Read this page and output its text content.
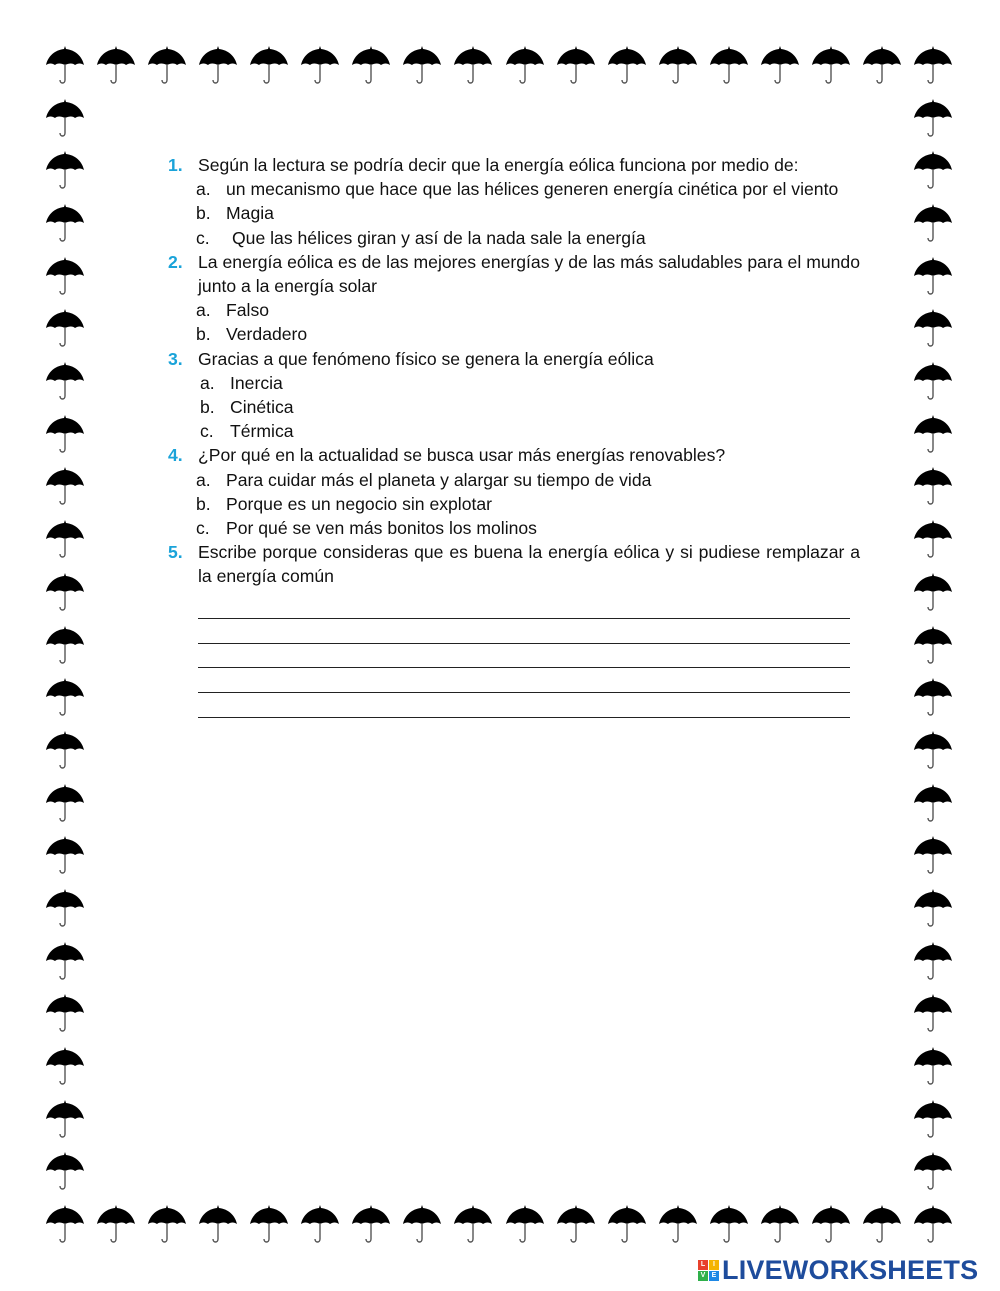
1. Según la lectura se podría decir que la energía eólica funciona por medio de:
a. un mecanismo que hace que las hélices generen energía cinética por el viento
b. Magia
c. Que las hélices giran y así de la nada sale la energía
2. La energía eólica es de las mejores energías y de las más saludables para el mundo junto a la energía solar
a. Falso
b. Verdadero
3. Gracias a que fenómeno físico se genera la energía eólica
a. Inercia
b. Cinética
c. Térmica
4. ¿Por qué en la actualidad se busca usar más energías renovables?
a. Para cuidar más el planeta y alargar su tiempo de vida
b. Porque es un negocio sin explotar
c. Por qué se ven más bonitos los molinos
5. Escribe porque consideras que es buena la energía eólica y si pudiese remplazar a la energía común
L	I
V E LIVEWORKSHEETS
